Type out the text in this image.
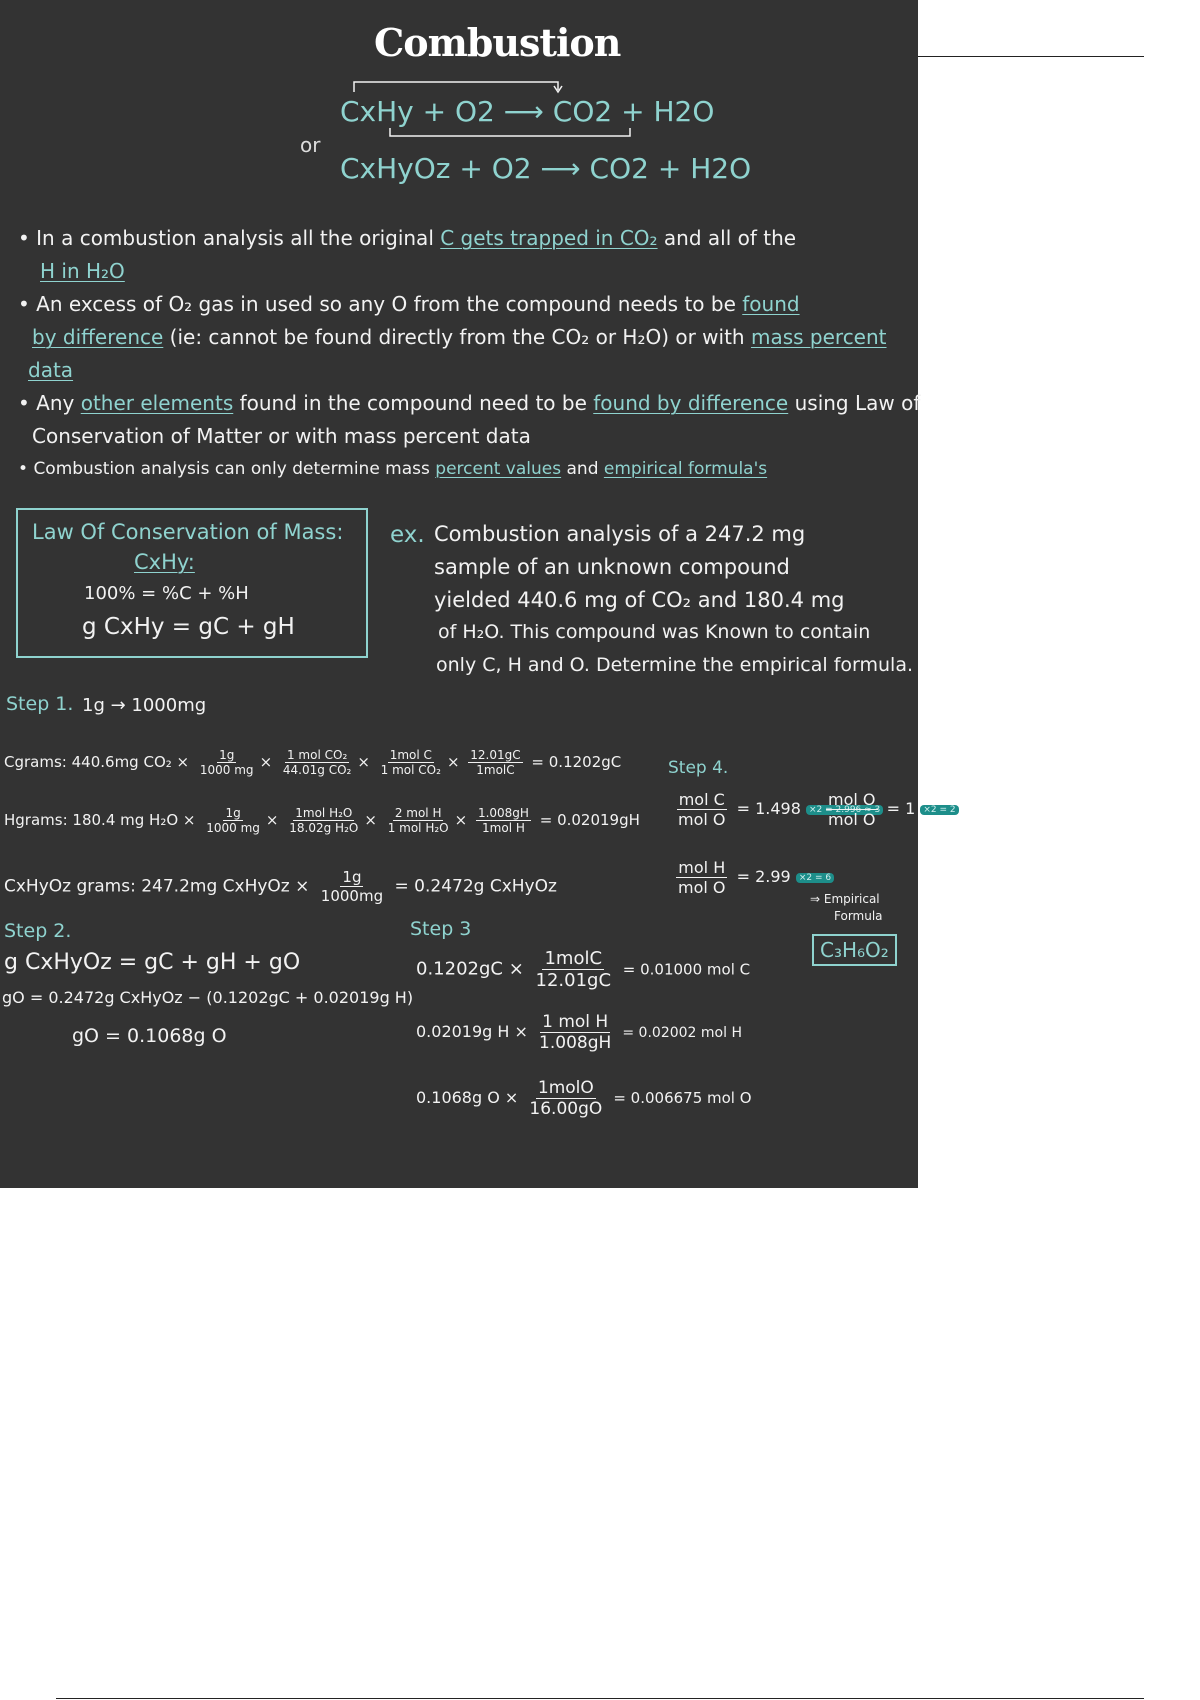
Combustion
CxHy + O2 ⟶ CO2 + H2O
or
CxHyOz + O2 ⟶ CO2 + H2O
• In a combustion analysis all the original C gets trapped in CO₂ and all of the
H in H₂O
• An excess of O₂ gas in used so any O from the compound needs to be found
by difference (ie: cannot be found directly from the CO₂ or H₂O) or with mass percent
data
• Any other elements found in the compound need to be found by difference using Law of
Conservation of Matter or with mass percent data
• Combustion analysis can only determine mass percent values and empirical formula's
Law Of Conservation of Mass:
CxHy:
100% = %C + %H
g CxHy = gC + gH
ex. Combustion analysis of a 247.2 mg
sample of an unknown compound
yielded 440.6 mg of CO₂ and 180.4 mg
of H₂O. This compound was Known to contain
only C, H and O. Determine the empirical formula.
Step 1. 1g → 1000mg
Cgrams: 440.6mg $CO_2 \times \frac{1g}{1000 mg} \times \frac{\text{1 mol CO₂}}{\text{44.01g CO₂}} \times \frac{\text{1mol C}}{\text{1 mol CO₂}} \times \frac{12.01gC}{\text{1molC}} = 0.1202gC$
Hgrams: 180.4 mg $H_2O \times \frac{1g}{1000 mg} \times \frac{\text{1mol H₂O}}{\text{18.02g H₂O}} \times \frac{\text{2 mol H}}{\text{1 mol H₂O}} \times \frac{1.008gH}{\text{1mol H}} = 0.02019gH$
CxHyOz grams: 247.2mg CxHyOz × $\frac{1g}{1000mg} = 0.2472g$ CxHyOz
Step 2.
g CxHyOz = gC + gH + gO
gO = 0.2472g CxHyOz − (0.1202gC + 0.02019g H)
gO = 0.1068g O
Step 3
$0.1202gC \times \frac{\text{1molC}}{12.01gC} = 0.01000$ mol C
0.02019g $H \times \frac{\text{1 mol H}}{1.008gH} = 0.02002$ mol H
0.1068g $O \times \frac{\text{1molO}}{16.00gO} = 0.006675$ mol O
Step 4.
$\frac{\text{mol C}}{\text{mol O}} = 1.498 \times 2 = 2.996 \approx 3$
$\frac{\text{mol O}}{\text{mol O}} = 1 \times 2 = 2$
$\frac{\text{mol H}}{\text{mol O}} = 2.99 \times 2 = 6$
⇒ Empirical
Formula
C₃H₆O₂
